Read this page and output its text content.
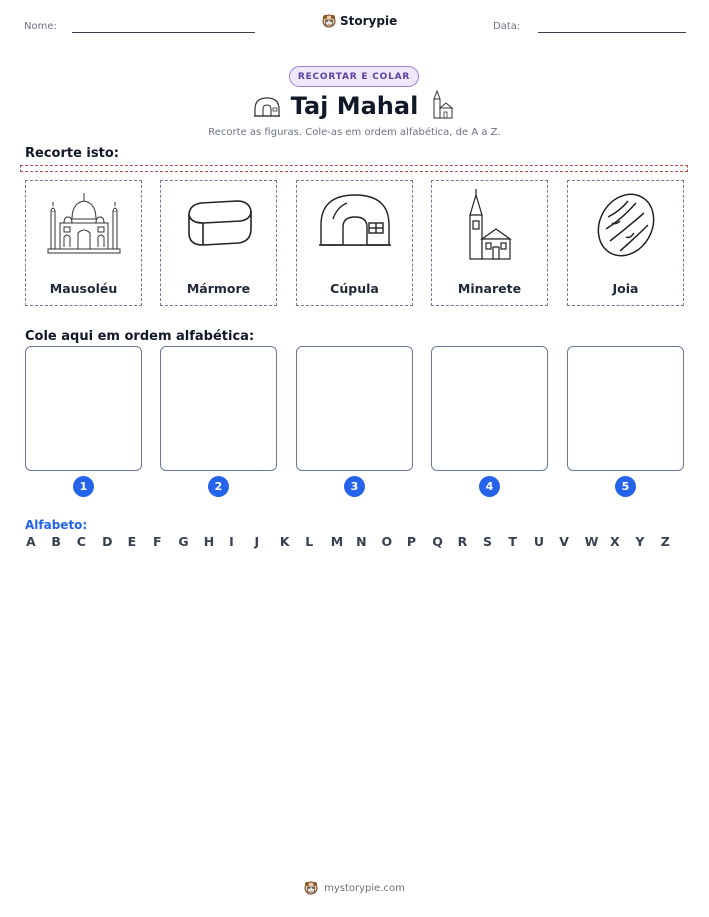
Nome:	Storypie	Data:
RECORTAR E COLAR
Taj Mahal
Recorte as figuras. Cole-as em ordem alfabética, de A a Z.
Recorte isto:
Mausoléu	Mármore	Cúpula	Minarete	Joia
Cole aqui em ordem alfabética:
1	2	3	4	5
Alfabeto:
A	B	C	D	E	F	G	H	I	J	K	L	M	N	O	P	Q	R	S	T	U	V	W X	Y	Z
mystorypie.com
